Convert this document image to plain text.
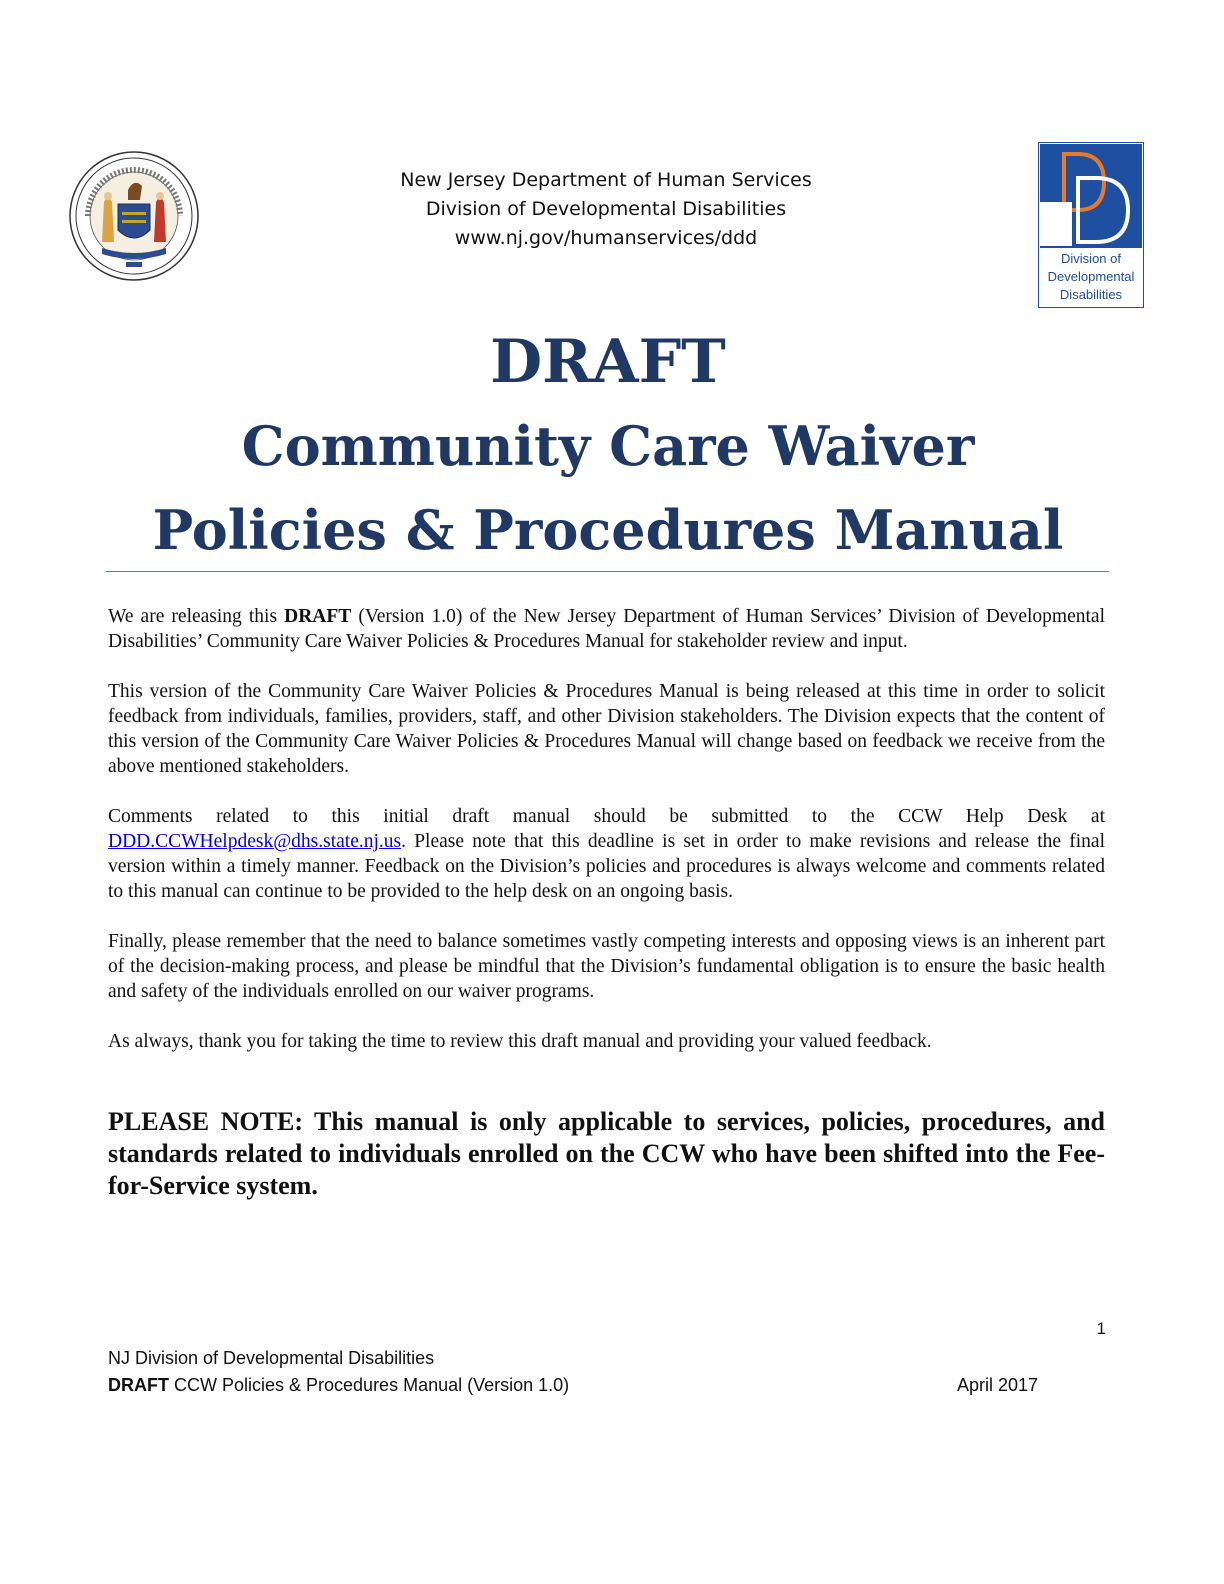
Division of
Developmental
Disabilities
New Jersey Department of Human Services
Division of Developmental Disabilities
www.nj.gov/humanservices/ddd
DRAFT
Community Care Waiver
Policies & Procedures Manual

We are releasing this DRAFT (Version 1.0) of the New Jersey Department of Human Services’ Division of Developmental Disabilities’ Community Care Waiver Policies & Procedures Manual for stakeholder review and input.

This version of the Community Care Waiver Policies & Procedures Manual is being released at this time in order to solicit feedback from individuals, families, providers, staff, and other Division stakeholders. The Division expects that the content of this version of the Community Care Waiver Policies & Procedures Manual will change based on feedback we receive from the above mentioned stakeholders.

Comments related to this initial draft manual should be submitted to the CCW Help Desk at DDD.CCWHelpdesk@dhs.state.nj.us. Please note that this deadline is set in order to make revisions and release the final version within a timely manner. Feedback on the Division’s policies and procedures is always welcome and comments related to this manual can continue to be provided to the help desk on an ongoing basis.

Finally, please remember that the need to balance sometimes vastly competing interests and opposing views is an inherent part of the decision-making process, and please be mindful that the Division’s fundamental obligation is to ensure the basic health and safety of the individuals enrolled on our waiver programs.

As always, thank you for taking the time to review this draft manual and providing your valued feedback.

PLEASE NOTE: This manual is only applicable to services, policies, procedures, and standards related to individuals enrolled on the CCW who have been shifted into the Fee-for-Service system.
1
NJ Division of Developmental Disabilities
DRAFT CCW Policies & Procedures Manual (Version 1.0)	April 2017
